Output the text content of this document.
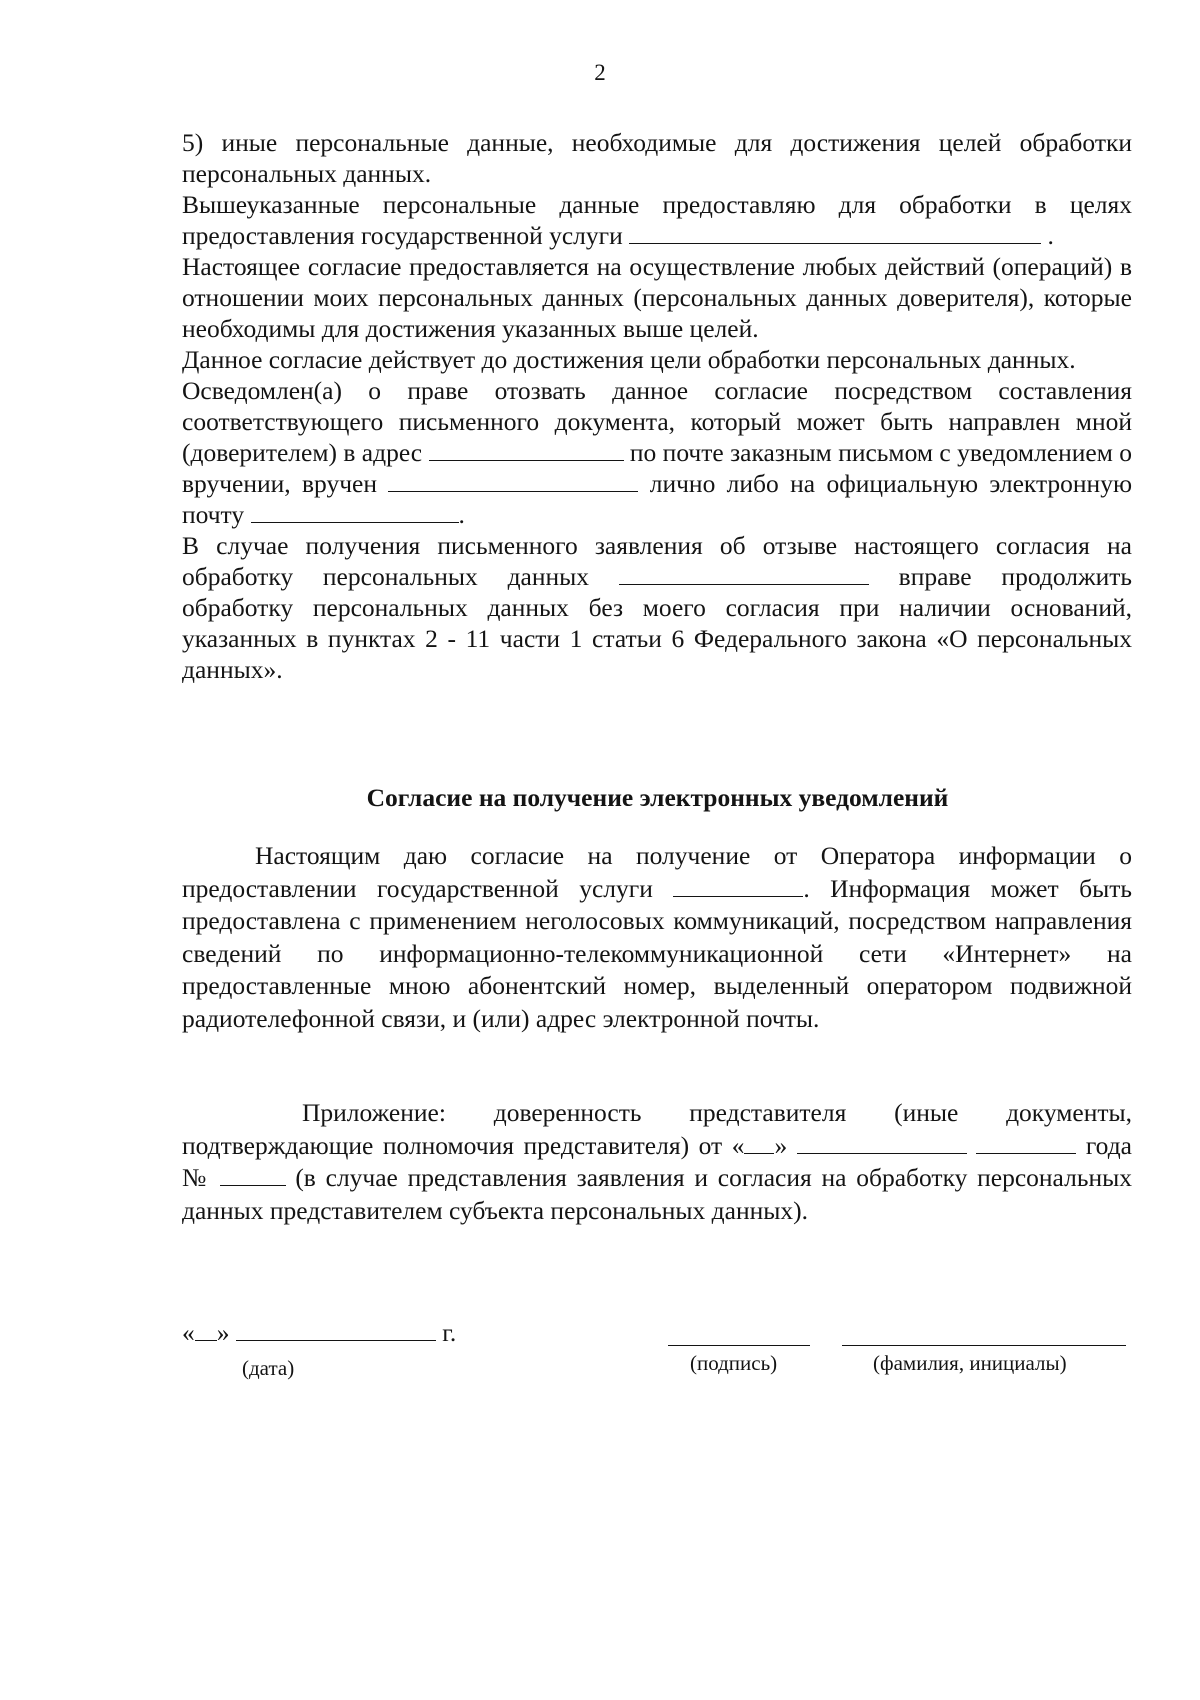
2

5) иные персональные данные, необходимые для достижения целей обработки персональных данных.

Вышеуказанные персональные данные предоставляю для обработки в целях предоставления государственной услуги	.

Настоящее согласие предоставляется на осуществление любых действий (операций) в отношении моих персональных данных (персональных данных доверителя), которые необходимы для достижения указанных выше целей.

Данное согласие действует до достижения цели обработки персональных данных.

Осведомлен(а) о праве отозвать данное согласие посредством составления соответствующего письменного документа, который может быть направлен мной (доверителем) в адрес	по почте заказным письмом с уведомлением о вручении, вручен	лично либо на официальную электронную почту	.

В случае получения письменного заявления об отзыве настоящего согласия на обработку персональных данных	вправе продолжить обработку персональных данных без моего согласия при наличии оснований, указанных в пунктах 2 - 11 части 1 статьи 6 Федерального закона «О персональных данных».

Согласие на получение электронных уведомлений

Настоящим даю согласие на получение от Оператора информации о предоставлении государственной услуги	. Информация может быть предоставлена с применением неголосовых коммуникаций, посредством направления сведений по информационно-телекоммуникационной сети «Интернет» на предоставленные мною абонентский номер, выделенный оператором подвижной радиотелефонной связи, и (или) адрес электронной почты.

Приложение: доверенность представителя (иные документы, подтверждающие полномочия представителя) от « »	года №	(в случае представления заявления и согласия на обработку персональных данных представителем субъекта персональных данных).

« »	г.
(дата)	(подпись)	(фамилия, инициалы)
